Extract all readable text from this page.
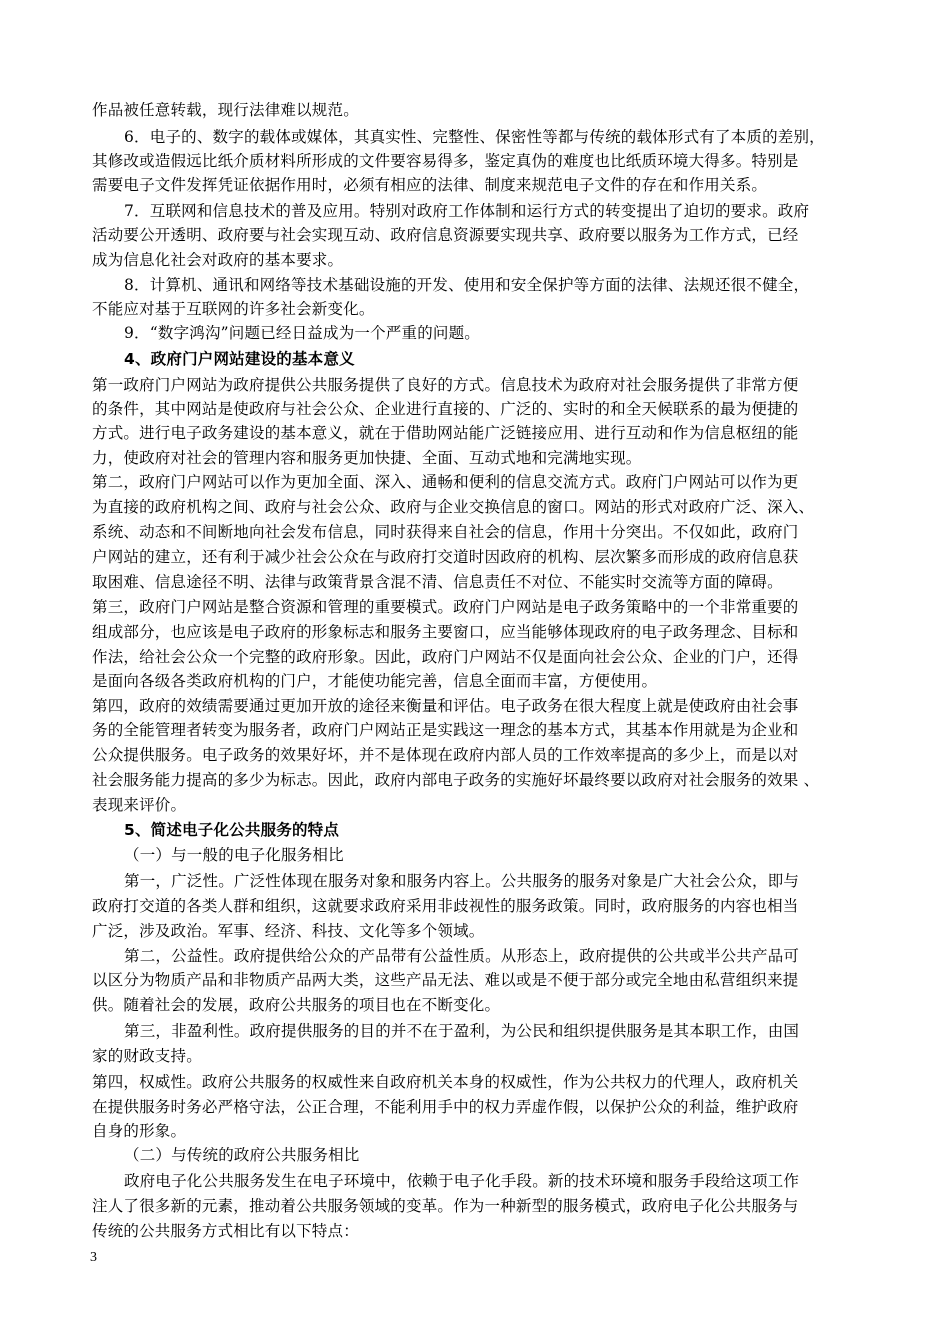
作品被任意转载，现行法律难以规范。
6．电子的、数字的载体或媒体，其真实性、完整性、保密性等都与传统的载体形式有了本质的差别，
其修改或造假远比纸介质材料所形成的文件要容易得多，鉴定真伪的难度也比纸质环境大得多。特别是
需要电子文件发挥凭证依据作用时，必须有相应的法律、制度来规范电子文件的存在和作用关系。
7．互联网和信息技术的普及应用。特别对政府工作体制和运行方式的转变提出了迫切的要求。政府
活动要公开透明、政府要与社会实现互动、政府信息资源要实现共享、政府要以服务为工作方式，已经
成为信息化社会对政府的基本要求。
8．计算机、通讯和网络等技术基础设施的开发、使用和安全保护等方面的法律、法规还很不健全，
不能应对基于互联网的许多社会新变化。
9．“数字鸿沟”问题已经日益成为一个严重的问题。
4、政府门户网站建设的基本意义
第一政府门户网站为政府提供公共服务提供了良好的方式。信息技术为政府对社会服务提供了非常方便
的条件，其中网站是使政府与社会公众、企业进行直接的、广泛的、实时的和全天候联系的最为便捷的
方式。进行电子政务建设的基本意义，就在于借助网站能广泛链接应用、进行互动和作为信息枢纽的能
力，使政府对社会的管理内容和服务更加快捷、全面、互动式地和完满地实现。
第二，政府门户网站可以作为更加全面、深入、通畅和便利的信息交流方式。政府门户网站可以作为更
为直接的政府机构之间、政府与社会公众、政府与企业交换信息的窗口。网站的形式对政府广泛、深入、
系统、动态和不间断地向社会发布信息，同时获得来自社会的信息，作用十分突出。不仅如此，政府门
户网站的建立，还有利于减少社会公众在与政府打交道时因政府的机构、层次繁多而形成的政府信息获
取困难、信息途径不明、法律与政策背景含混不清、信息责任不对位、不能实时交流等方面的障碍。
第三，政府门户网站是整合资源和管理的重要模式。政府门户网站是电子政务策略中的一个非常重要的
组成部分，也应该是电子政府的形象标志和服务主要窗口，应当能够体现政府的电子政务理念、目标和
作法，给社会公众一个完整的政府形象。因此，政府门户网站不仅是面向社会公众、企业的门户，还得
是面向各级各类政府机构的门户，才能使功能完善，信息全面而丰富，方便使用。
第四，政府的效绩需要通过更加开放的途径来衡量和评估。电子政务在很大程度上就是使政府由社会事
务的全能管理者转变为服务者，政府门户网站正是实践这一理念的基本方式，其基本作用就是为企业和
公众提供服务。电子政务的效果好坏，并不是体现在政府内部人员的工作效率提高的多少上，而是以对
社会服务能力提高的多少为标志。因此，政府内部电子政务的实施好坏最终要以政府对社会服务的效果 、
表现来评价。
5、简述电子化公共服务的特点
（一）与一般的电子化服务相比
第一，广泛性。广泛性体现在服务对象和服务内容上。公共服务的服务对象是广大社会公众，即与
政府打交道的各类人群和组织，这就要求政府采用非歧视性的服务政策。同时，政府服务的内容也相当
广泛，涉及政治。军事、经济、科技、文化等多个领域。
第二，公益性。政府提供给公众的产品带有公益性质。从形态上，政府提供的公共或半公共产品可
以区分为物质产品和非物质产品两大类，这些产品无法、难以或是不便于部分或完全地由私营组织来提
供。随着社会的发展，政府公共服务的项目也在不断变化。
第三，非盈利性。政府提供服务的目的并不在于盈利，为公民和组织提供服务是其本职工作，由国
家的财政支持。
第四，权威性。政府公共服务的权威性来自政府机关本身的权威性，作为公共权力的代理人，政府机关
在提供服务时务必严格守法，公正合理，不能利用手中的权力弄虚作假，以保护公众的利益，维护政府
自身的形象。
（二）与传统的政府公共服务相比
政府电子化公共服务发生在电子环境中，依赖于电子化手段。新的技术环境和服务手段给这项工作
注人了很多新的元素，推动着公共服务领域的变革。作为一种新型的服务模式，政府电子化公共服务与
传统的公共服务方式相比有以下特点：
3
